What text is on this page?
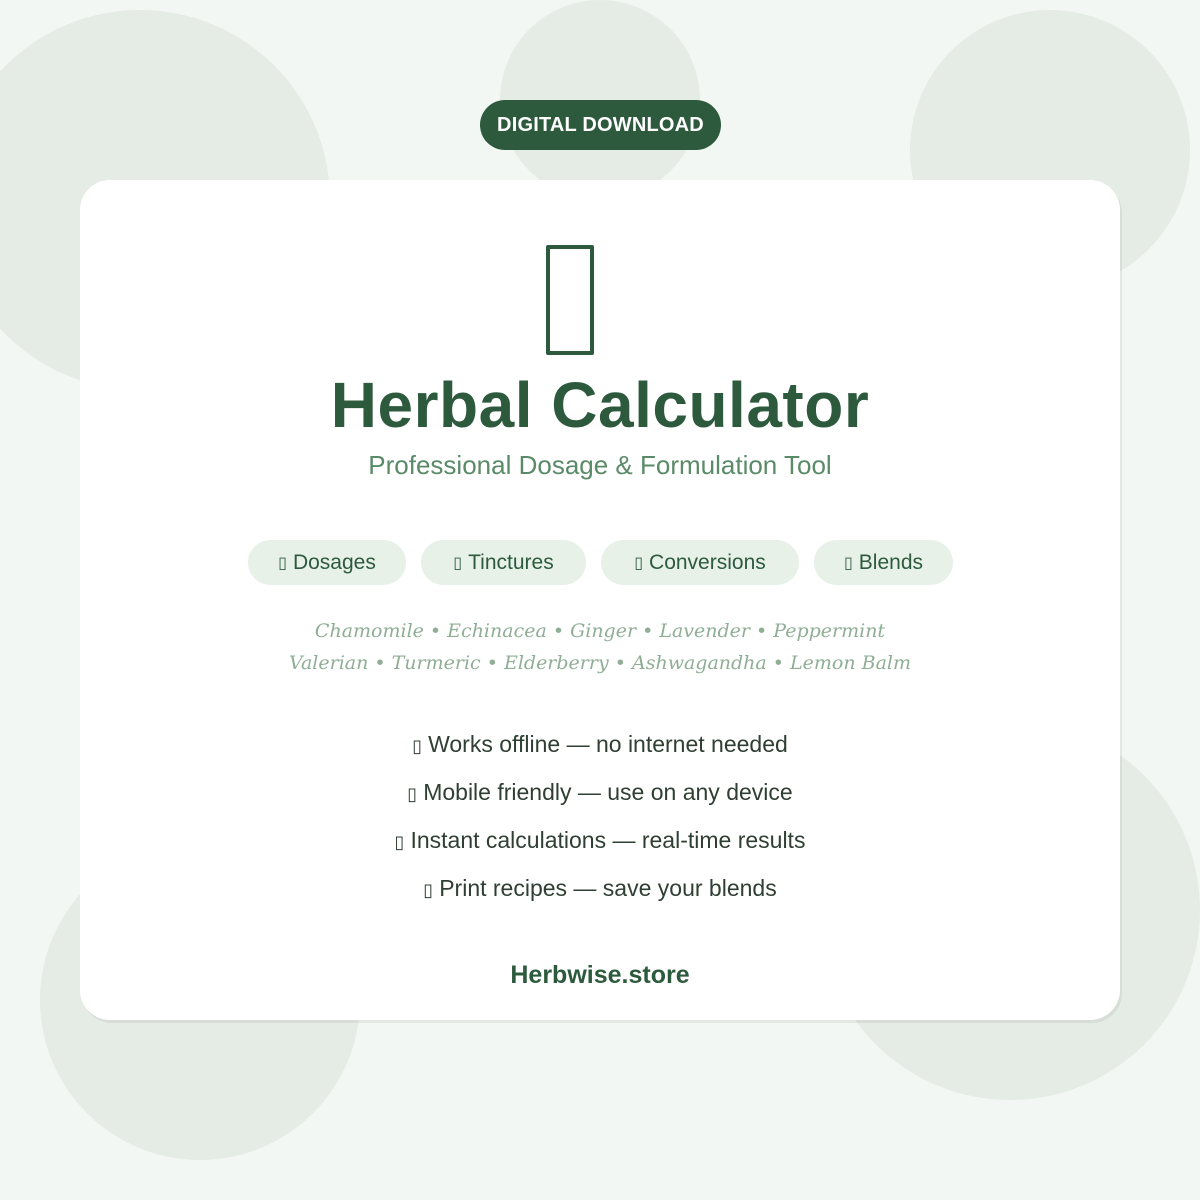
DIGITAL DOWNLOAD
Herbal Calculator
Professional Dosage & Formulation Tool
▯ Dosages	▯ Tinctures	▯ Conversions	▯ Blends
Chamomile • Echinacea • Ginger • Lavender • Peppermint
Valerian • Turmeric • Elderberry • Ashwagandha • Lemon Balm
▯ Works offline — no internet needed
▯ Mobile friendly — use on any device
▯ Instant calculations — real-time results
▯ Print recipes — save your blends
Herbwise.store
